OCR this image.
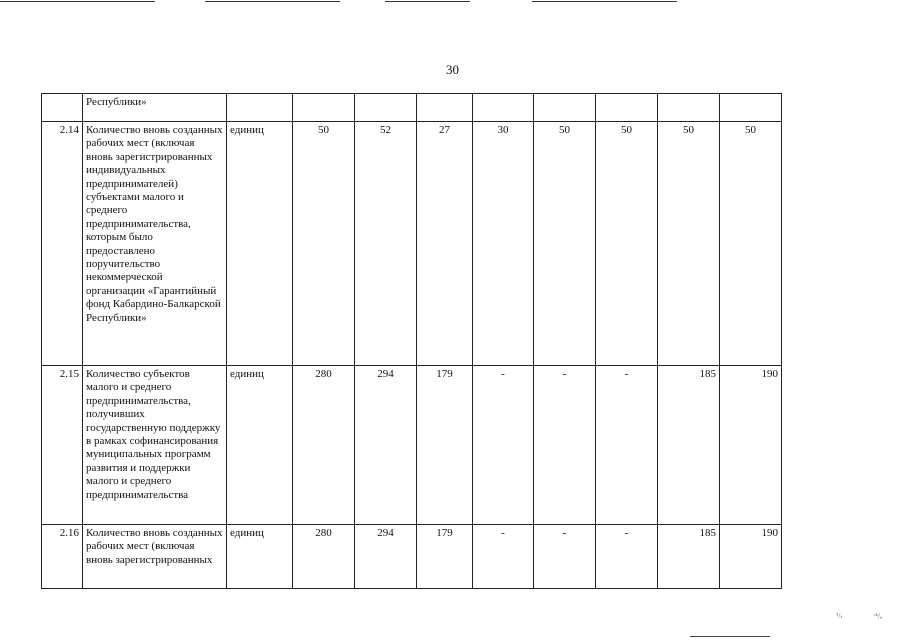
30
	Республики»									
2.14	Количество вновь созданных рабочих мест (включая вновь зарегистрированных индивидуальных предпринимателей) субъектами малого и среднего предпринимательства, которым было предоставлено поручительство некоммерческой организации «Гарантийный фонд Кабардино-Балкарской Республики»	единиц	50	52	27	30	50	50	50	50
2.15	Количество субъектов малого и среднего предпринимательства, получивших государственную поддержку в рамках софинансирования муниципальных программ развития и поддержки малого и среднего предпринимательства	единиц	280	294	179	-	-	-	185	190
2.16	Количество вновь созданных рабочих мест (включая вновь зарегистрированных	единиц	280	294	179	-	-	-	185	190
ᵀ/ₜ	ᶜᵏ/ₐ
